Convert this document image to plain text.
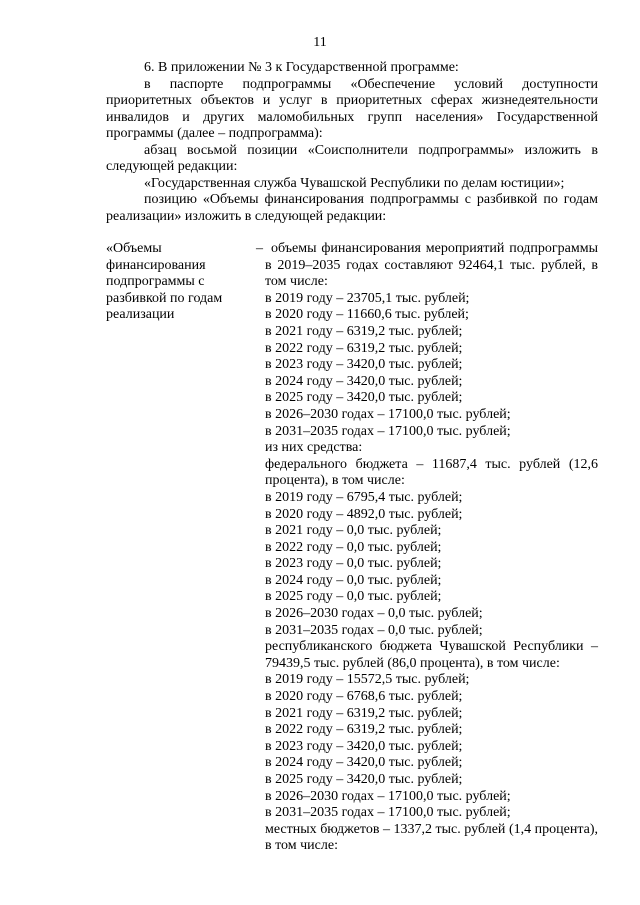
11

6. В приложении № 3 к Государственной программе:

в паспорте подпрограммы «Обеспечение условий доступности приоритетных объектов и услуг в приоритетных сферах жизнедеятельности инвалидов и других маломобильных групп населения» Государственной программы (далее – подпрограмма):

абзац восьмой позиции «Соисполнители подпрограммы» изложить в следующей редакции:

«Государственная служба Чувашской Республики по делам юстиции»;

позицию «Объемы финансирования подпрограммы с разбивкой по годам реализации» изложить в следующей редакции:

«Объемы финансирования подпрограммы с разбивкой по годам реализации
– объемы финансирования мероприятий подпрограммы в 2019–2035 годах составляют 92464,1 тыс. рублей, в том числе:
в 2019 году – 23705,1 тыс. рублей;
в 2020 году – 11660,6 тыс. рублей;
в 2021 году – 6319,2 тыс. рублей;
в 2022 году – 6319,2 тыс. рублей;
в 2023 году – 3420,0 тыс. рублей;
в 2024 году – 3420,0 тыс. рублей;
в 2025 году – 3420,0 тыс. рублей;
в 2026–2030 годах – 17100,0 тыс. рублей;
в 2031–2035 годах – 17100,0 тыс. рублей;
из них средства:
федерального бюджета – 11687,4 тыс. рублей (12,6 процента), в том числе:
в 2019 году – 6795,4 тыс. рублей;
в 2020 году – 4892,0 тыс. рублей;
в 2021 году – 0,0 тыс. рублей;
в 2022 году – 0,0 тыс. рублей;
в 2023 году – 0,0 тыс. рублей;
в 2024 году – 0,0 тыс. рублей;
в 2025 году – 0,0 тыс. рублей;
в 2026–2030 годах – 0,0 тыс. рублей;
в 2031–2035 годах – 0,0 тыс. рублей;
республиканского бюджета Чувашской Республики – 79439,5 тыс. рублей (86,0 процента), в том числе:
в 2019 году – 15572,5 тыс. рублей;
в 2020 году – 6768,6 тыс. рублей;
в 2021 году – 6319,2 тыс. рублей;
в 2022 году – 6319,2 тыс. рублей;
в 2023 году – 3420,0 тыс. рублей;
в 2024 году – 3420,0 тыс. рублей;
в 2025 году – 3420,0 тыс. рублей;
в 2026–2030 годах – 17100,0 тыс. рублей;
в 2031–2035 годах – 17100,0 тыс. рублей;
местных бюджетов – 1337,2 тыс. рублей (1,4 процента), в том числе:
